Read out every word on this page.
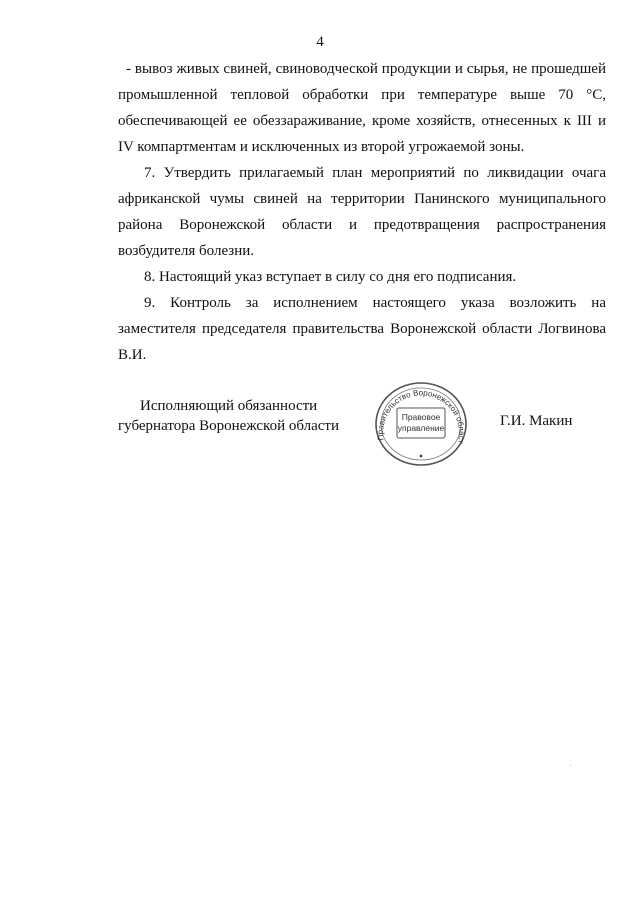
4

- вывоз живых свиней, свиноводческой продукции и сырья, не прошедшей промышленной тепловой обработки при температуре выше 70 °С, обеспечивающей ее обеззараживание, кроме хозяйств, отнесенных к III и IV компартментам и исключенных из второй угрожаемой зоны.

7. Утвердить прилагаемый план мероприятий по ликвидации очага африканской чумы свиней на территории Панинского муниципального района Воронежской области и предотвращения распространения возбудителя болезни.

8. Настоящий указ вступает в силу со дня его подписания.

9. Контроль за исполнением настоящего указа возложить на заместителя председателя правительства Воронежской области Логвинова В.И.

Исполняющий обязанности
губернатора Воронежской области
Правительство Воронежской област
Правовое
управление	Г.И. Макин
